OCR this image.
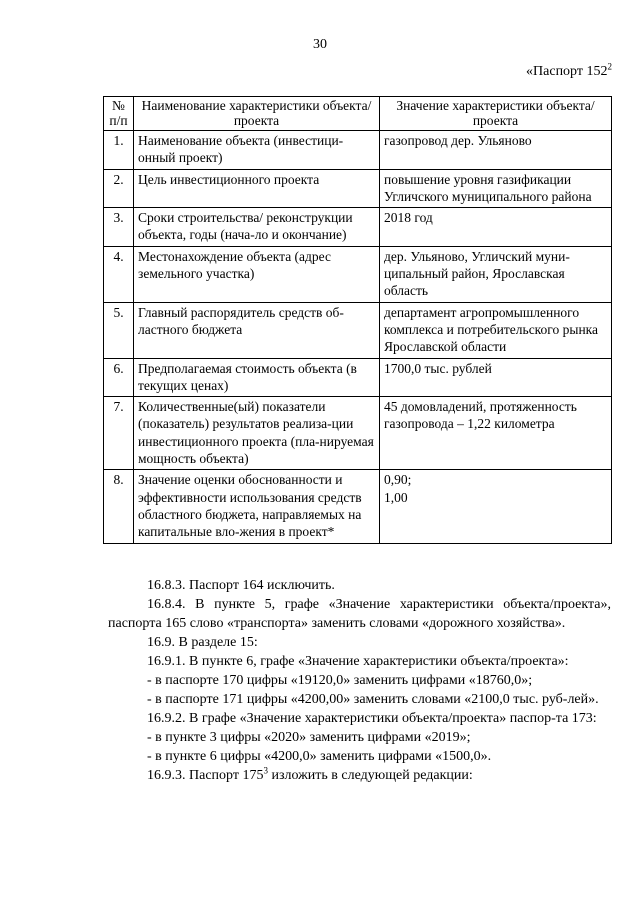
30
«Паспорт $152^2$
№ п/п	Наименование характеристики объекта/проекта	Значение характеристики объекта/проекта
1.	Наименование объекта (инвестици-онный проект)	газопровод дер. Ульяново
2.	Цель инвестиционного проекта	повышение уровня газификации Угличского муниципального района
3.	Сроки строительства/ реконструкции объекта, годы (нача-ло и окончание)	2018 год
4.	Местонахождение объекта (адрес земельного участка)	дер. Ульяново, Угличский муни-ципальный район, Ярославская область
5.	Главный распорядитель средств об-ластного бюджета	департамент агропромышленного комплекса и потребительского рынка Ярославской области
6.	Предполагаемая стоимость объекта (в текущих ценах)	1700,0 тыс. рублей
7.	Количественные(ый) показатели (показатель) результатов реализа-ции инвестиционного проекта (пла-нируемая мощность объекта)	45 домовладений, протяженность газопровода – 1,22 километра
8.	Значение оценки обоснованности и эффективности использования средств областного бюджета, направляемых на капитальные вло-жения в проект*	0,90;
1,00

16.8.3. Паспорт 164 исключить.

16.8.4. В пункте 5, графе «Значение характеристики объекта/проекта», паспорта 165 слово «транспорта» заменить словами «дорожного хозяйства».

16.9. В разделе 15:

16.9.1. В пункте 6, графе «Значение характеристики объекта/проекта»:

- в паспорте 170 цифры «19120,0» заменить цифрами «18760,0»;

- в паспорте 171 цифры «4200,00» заменить словами «2100,0 тыс. руб-лей».

16.9.2. В графе «Значение характеристики объекта/проекта» паспор-та 173:

- в пункте 3 цифры «2020» заменить цифрами «2019»;

- в пункте 6 цифры «4200,0» заменить цифрами «1500,0».

16.9.3. Паспорт $175^3$ изложить в следующей редакции:
